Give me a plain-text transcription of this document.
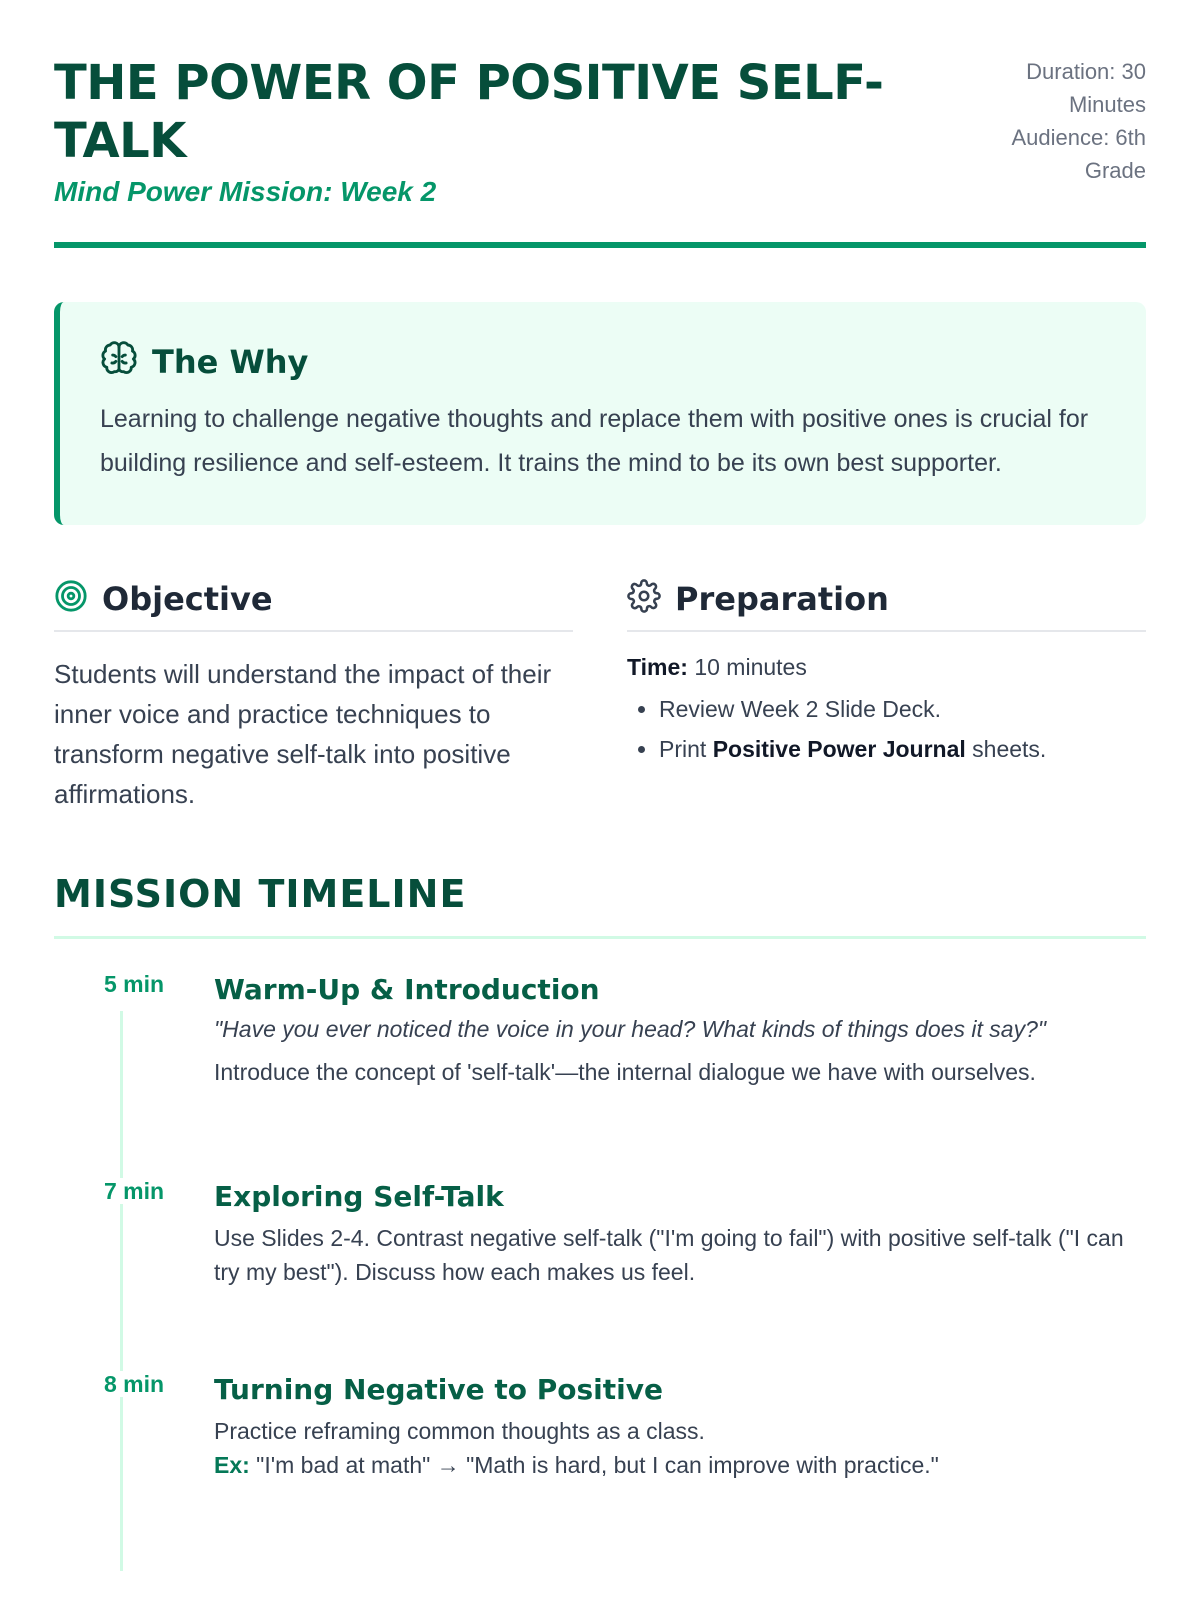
THE POWER OF POSITIVE SELF-TALK
Mind Power Mission: Week 2
Duration: 30 Minutes
Audience: 6th Grade
The Why
Learning to challenge negative thoughts and replace them with positive ones is crucial for building resilience and self-esteem. It trains the mind to be its own best supporter.
Objective
Students will understand the impact of their inner voice and practice techniques to transform negative self-talk into positive affirmations.
Preparation
Time: 10 minutes
• Review Week 2 Slide Deck.
• Print Positive Power Journal sheets.
MISSION TIMELINE
5 min	Warm-Up & Introduction
"Have you ever noticed the voice in your head? What kinds of things does it say?"
Introduce the concept of 'self-talk'—the internal dialogue we have with ourselves.
7 min	Exploring Self-Talk
Use Slides 2-4. Contrast negative self-talk ("I'm going to fail") with positive self-talk ("I can try my best"). Discuss how each makes us feel.
8 min	Turning Negative to Positive
Practice reframing common thoughts as a class.
Ex: "I'm bad at math" → "Math is hard, but I can improve with practice."
